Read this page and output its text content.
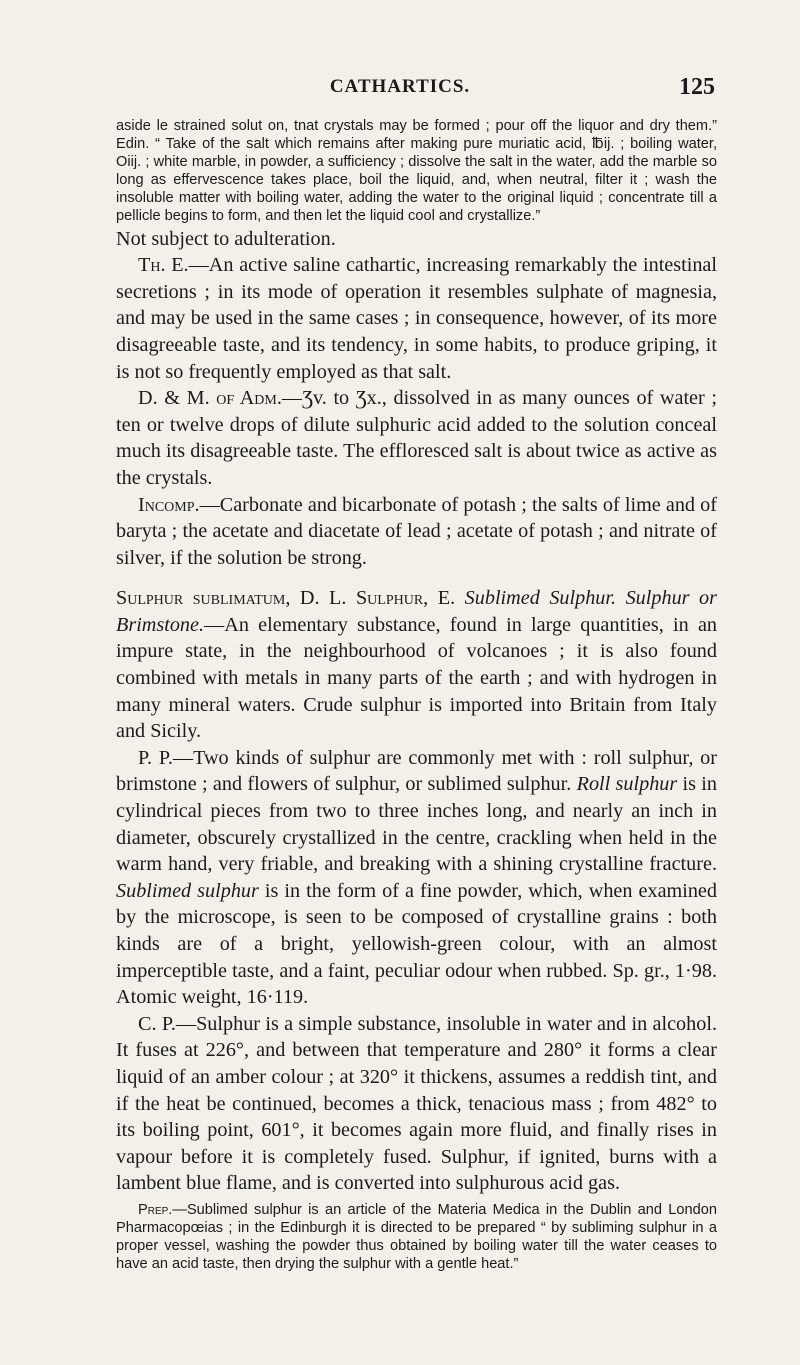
CATHARTICS.	125

aside le strained solut on, tnat crystals may be formed ; pour off the liquor and dry them.” Edin. “ Take of the salt which remains after making pure muriatic acid, ℔ij. ; boiling water, Oiij. ; white marble, in powder, a sufficiency ; dissolve the salt in the water, add the marble so long as effervescence takes place, boil the liquid, and, when neutral, filter it ; wash the insoluble matter with boiling water, adding the water to the original liquid ; concentrate till a pellicle begins to form, and then let the liquid cool and crystallize.”

Not subject to adulteration.

Th. E.—An active saline cathartic, increasing remarkably the intestinal secretions ; in its mode of operation it resembles sulphate of magnesia, and may be used in the same cases ; in consequence, however, of its more disagreeable taste, and its tendency, in some habits, to produce griping, it is not so frequently employed as that salt.

D. & M. of Adm.—Ʒv. to Ʒx., dissolved in as many ounces of water ; ten or twelve drops of dilute sulphuric acid added to the solution conceal much its disagreeable taste. The effloresced salt is about twice as active as the crystals.

Incomp.—Carbonate and bicarbonate of potash ; the salts of lime and of baryta ; the acetate and diacetate of lead ; acetate of potash ; and nitrate of silver, if the solution be strong.

Sulphur sublimatum, D. L. Sulphur, E. Sublimed Sulphur. Sulphur or Brimstone.—An elementary substance, found in large quantities, in an impure state, in the neighbourhood of volcanoes ; it is also found combined with metals in many parts of the earth ; and with hydrogen in many mineral waters. Crude sulphur is imported into Britain from Italy and Sicily.

P. P.—Two kinds of sulphur are commonly met with : roll sulphur, or brimstone ; and flowers of sulphur, or sublimed sulphur. Roll sulphur is in cylindrical pieces from two to three inches long, and nearly an inch in diameter, obscurely crystallized in the centre, crackling when held in the warm hand, very friable, and breaking with a shining crystalline fracture. Sublimed sulphur is in the form of a fine powder, which, when examined by the microscope, is seen to be composed of crystalline grains : both kinds are of a bright, yellowish-green colour, with an almost imperceptible taste, and a faint, peculiar odour when rubbed. Sp. gr., 1·98. Atomic weight, 16·119.

C. P.—Sulphur is a simple substance, insoluble in water and in alcohol. It fuses at 226°, and between that temperature and 280° it forms a clear liquid of an amber colour ; at 320° it thickens, assumes a reddish tint, and if the heat be continued, becomes a thick, tenacious mass ; from 482° to its boiling point, 601°, it becomes again more fluid, and finally rises in vapour before it is completely fused. Sulphur, if ignited, burns with a lambent blue flame, and is converted into sulphurous acid gas.

Prep.—Sublimed sulphur is an article of the Materia Medica in the Dublin and London Pharmacopœias ; in the Edinburgh it is directed to be prepared “ by subliming sulphur in a proper vessel, washing the powder thus obtained by boiling water till the water ceases to have an acid taste, then drying the sulphur with a gentle heat.”
